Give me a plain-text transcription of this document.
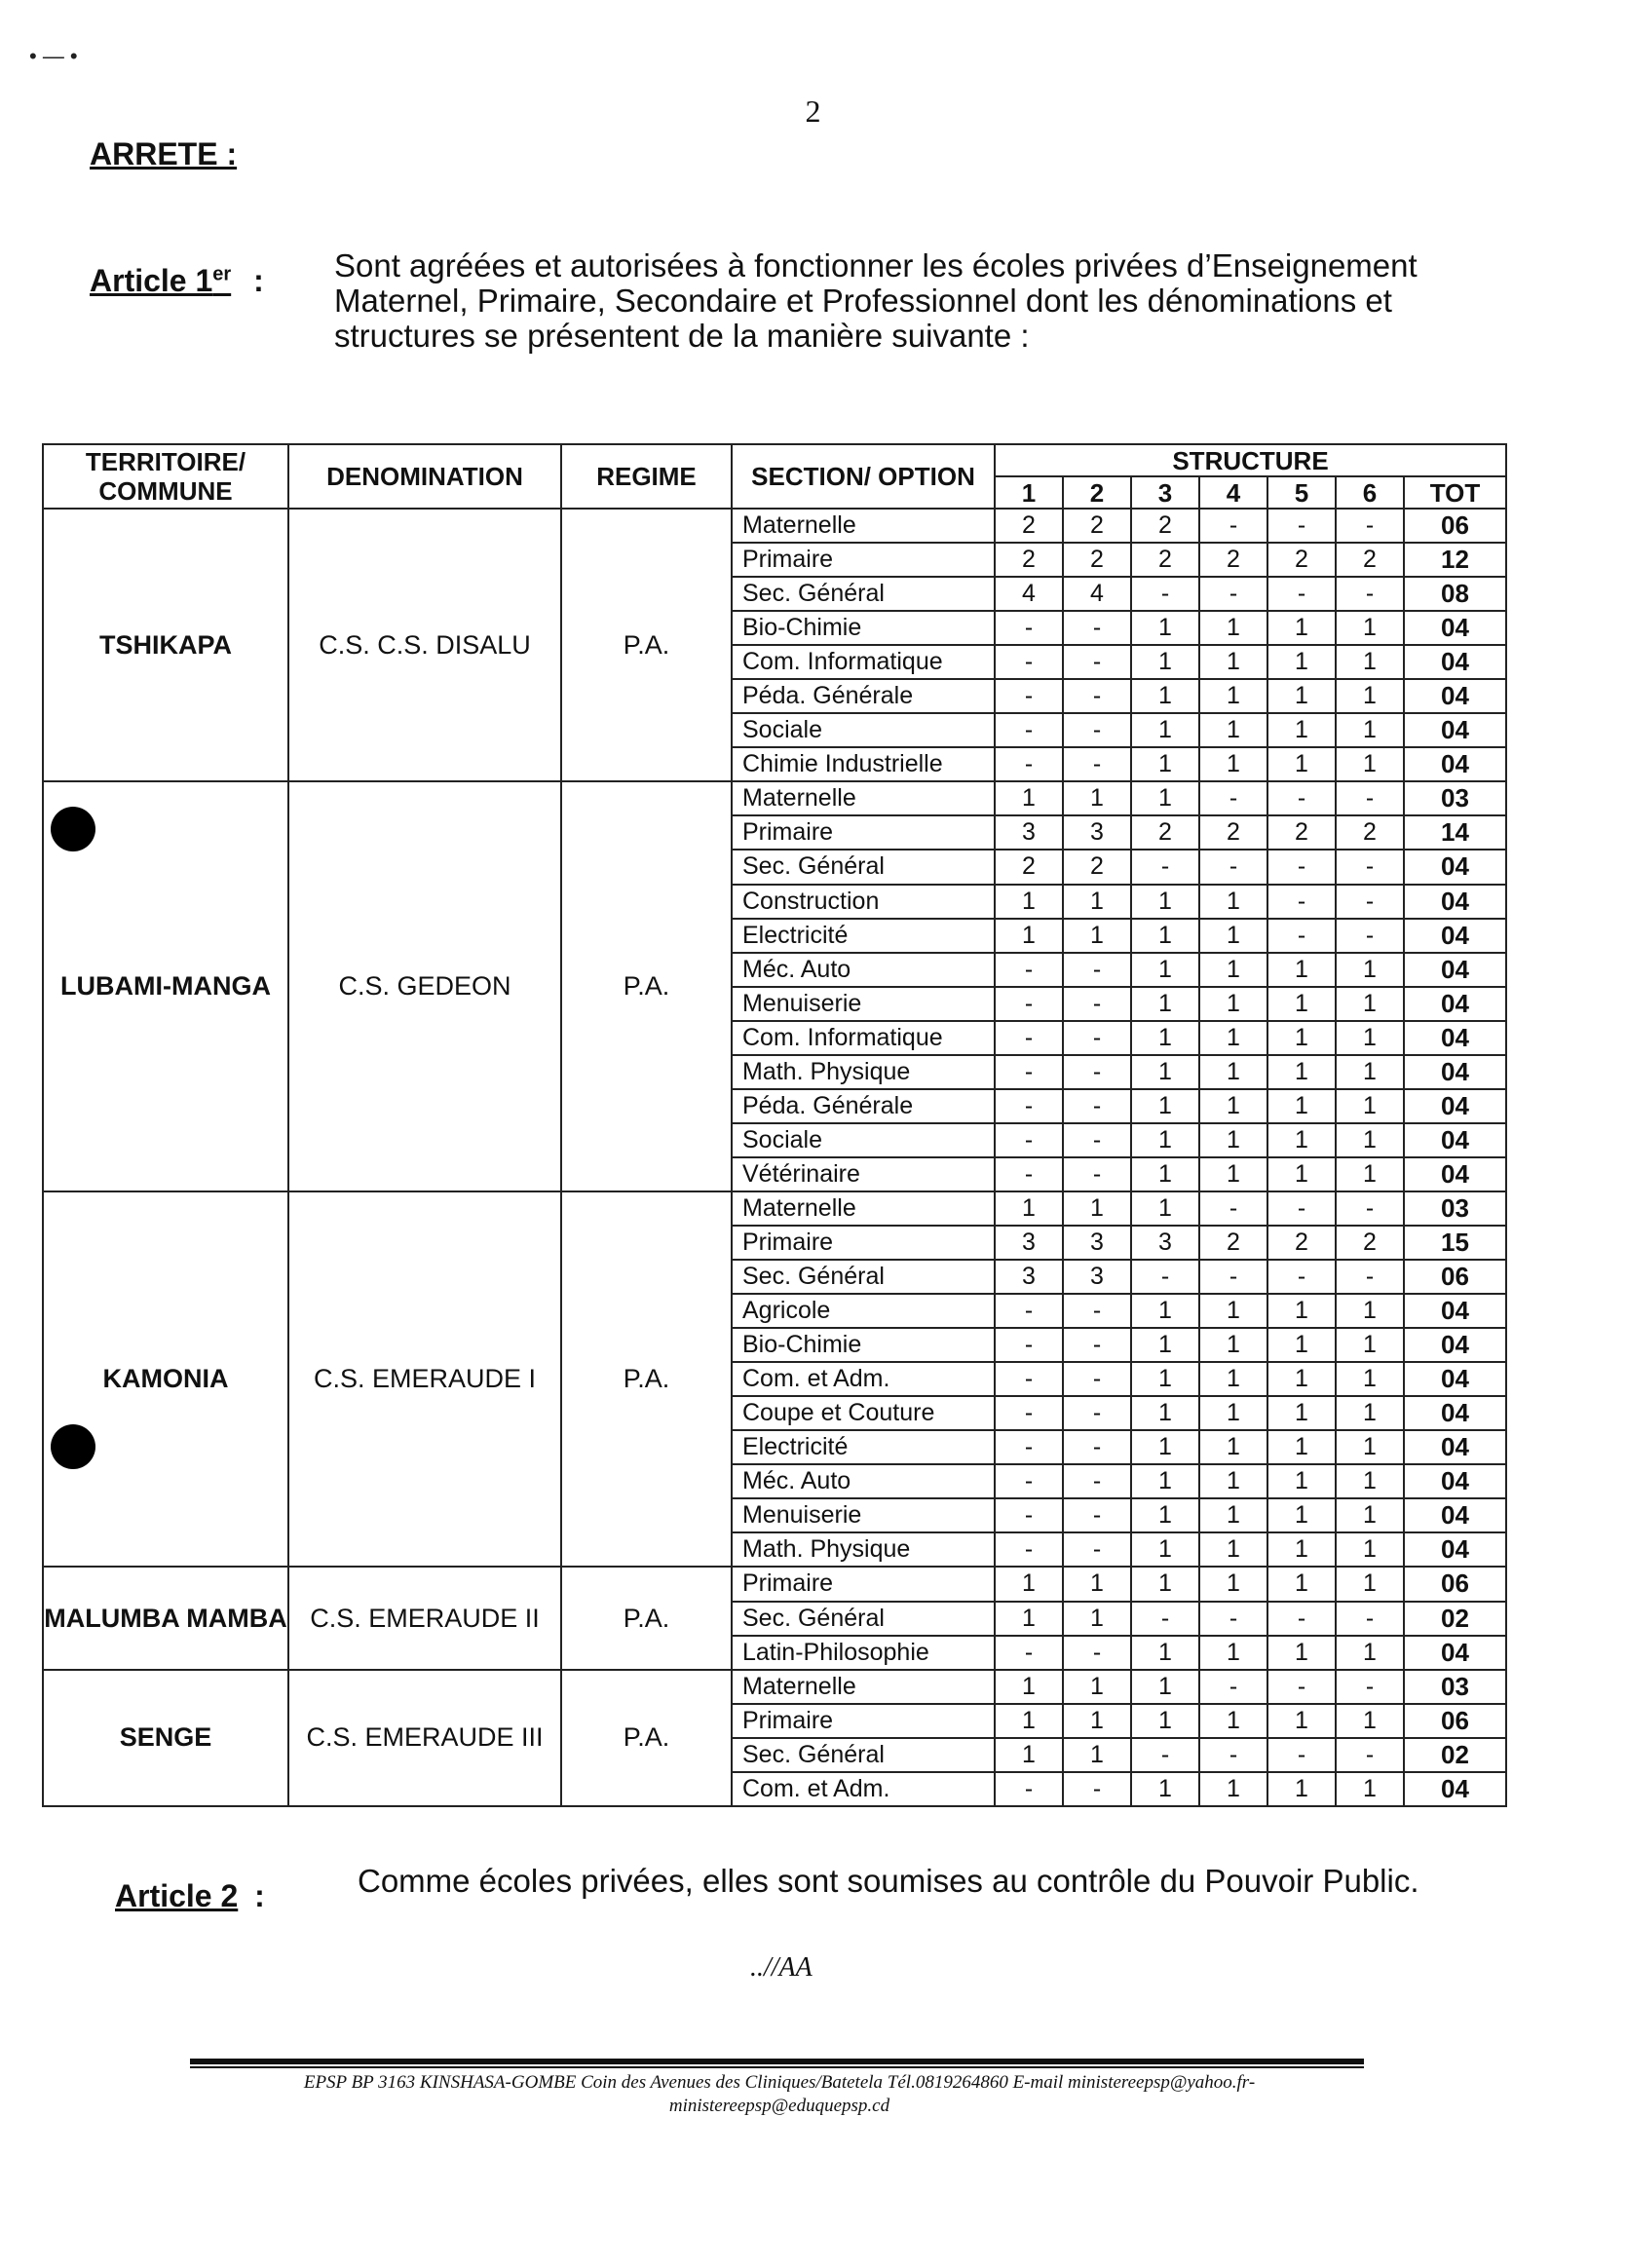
• — •
2
ARRETE :
Article 1er : Sont agréées et autorisées à fonctionner les écoles privées d’Enseignement Maternel, Primaire, Secondaire et Professionnel dont les dénominations et structures se présentent de la manière suivante :
TERRITOIRE/ COMMUNE	DENOMINATION	REGIME	SECTION/ OPTION	STRUCTURE						
				1	2	3	4	5	6	TOT
TSHIKAPA	C.S. C.S. DISALU	P.A.	Maternelle	2	2	2	-	-	-	06
			Primaire	2	2	2	2	2	2	12
			Sec. Général	4	4	-	-	-	-	08
			Bio-Chimie	-	-	1	1	1	1	04
			Com. Informatique	-	-	1	1	1	1	04
			Péda. Générale	-	-	1	1	1	1	04
			Sociale	-	-	1	1	1	1	04
			Chimie Industrielle	-	-	1	1	1	1	04
LUBAMI-MANGA	C.S. GEDEON	P.A.	Maternelle	1	1	1	-	-	-	03
			Primaire	3	3	2	2	2	2	14
			Sec. Général	2	2	-	-	-	-	04
			Construction	1	1	1	1	-	-	04
			Electricité	1	1	1	1	-	-	04
			Méc. Auto	-	-	1	1	1	1	04
			Menuiserie	-	-	1	1	1	1	04
			Com. Informatique	-	-	1	1	1	1	04
			Math. Physique	-	-	1	1	1	1	04
			Péda. Générale	-	-	1	1	1	1	04
			Sociale	-	-	1	1	1	1	04
			Vétérinaire	-	-	1	1	1	1	04
KAMONIA	C.S. EMERAUDE I	P.A.	Maternelle	1	1	1	-	-	-	03
			Primaire	3	3	3	2	2	2	15
			Sec. Général	3	3	-	-	-	-	06
			Agricole	-	-	1	1	1	1	04
			Bio-Chimie	-	-	1	1	1	1	04
			Com. et Adm.	-	-	1	1	1	1	04
			Coupe et Couture	-	-	1	1	1	1	04
			Electricité	-	-	1	1	1	1	04
			Méc. Auto	-	-	1	1	1	1	04
			Menuiserie	-	-	1	1	1	1	04
			Math. Physique	-	-	1	1	1	1	04
MALUMBA MAMBA	C.S. EMERAUDE II	P.A.	Primaire	1	1	1	1	1	1	06
			Sec. Général	1	1	-	-	-	-	02
			Latin-Philosophie	-	-	1	1	1	1	04
SENGE	C.S. EMERAUDE III	P.A.	Maternelle	1	1	1	-	-	-	03
			Primaire	1	1	1	1	1	1	06
			Sec. Général	1	1	-	-	-	-	02
			Com. et Adm.	-	-	1	1	1	1	04
Article 2 :	Comme écoles privées, elles sont soumises au contrôle du Pouvoir Public.
..//AA
EPSP BP 3163 KINSHASA-GOMBE Coin des Avenues des Cliniques/Batetela Tél.0819264860 E-mail ministereepsp@yahoo.fr-
ministereepsp@eduquepsp.cd
